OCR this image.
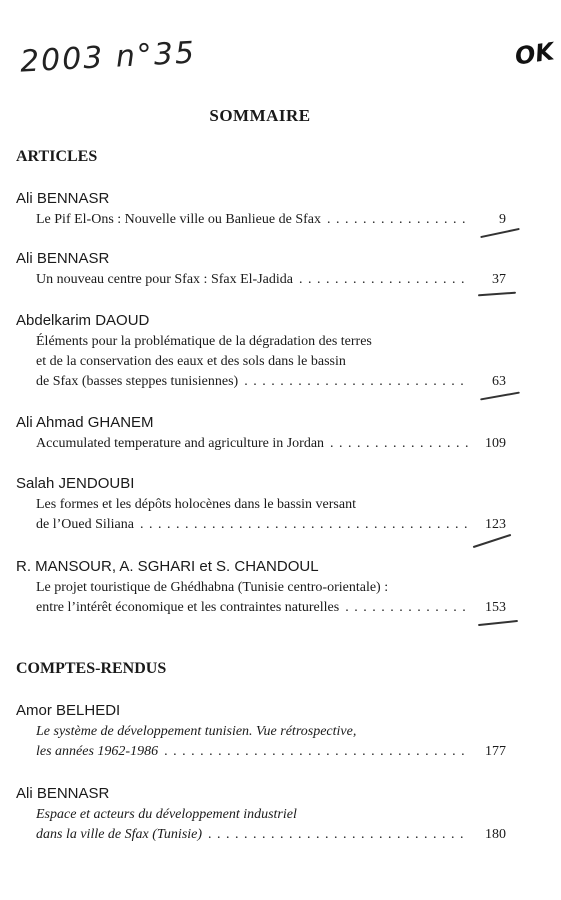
2003 n°35	OK
SOMMAIRE
ARTICLES
Ali BENNASR
Le Pif El-Ons : Nouvelle ville ou Banlieue de Sfax . . .	9
Ali BENNASR
Un nouveau centre pour Sfax : Sfax El-Jadida . . .	37
Abdelkarim DAOUD
Éléments pour la problématique de la dégradation des terres
et de la conservation des eaux et des sols dans le bassin
de Sfax (basses steppes tunisiennes) . . .	63
Ali Ahmad GHANEM
Accumulated temperature and agriculture in Jordan . . .	109
Salah JENDOUBI
Les formes et les dépôts holocènes dans le bassin versant
de l’Oued Siliana . . .	123
R. MANSOUR, A. SGHARI et S. CHANDOUL
Le projet touristique de Ghédhabna (Tunisie centro-orientale) :
entre l’intérêt économique et les contraintes naturelles . . .	153
COMPTES-RENDUS
Amor BELHEDI
Le système de développement tunisien. Vue rétrospective,
les années 1962-1986 . . .	177
Ali BENNASR
Espace et acteurs du développement industriel
dans la ville de Sfax (Tunisie) . . .	180
